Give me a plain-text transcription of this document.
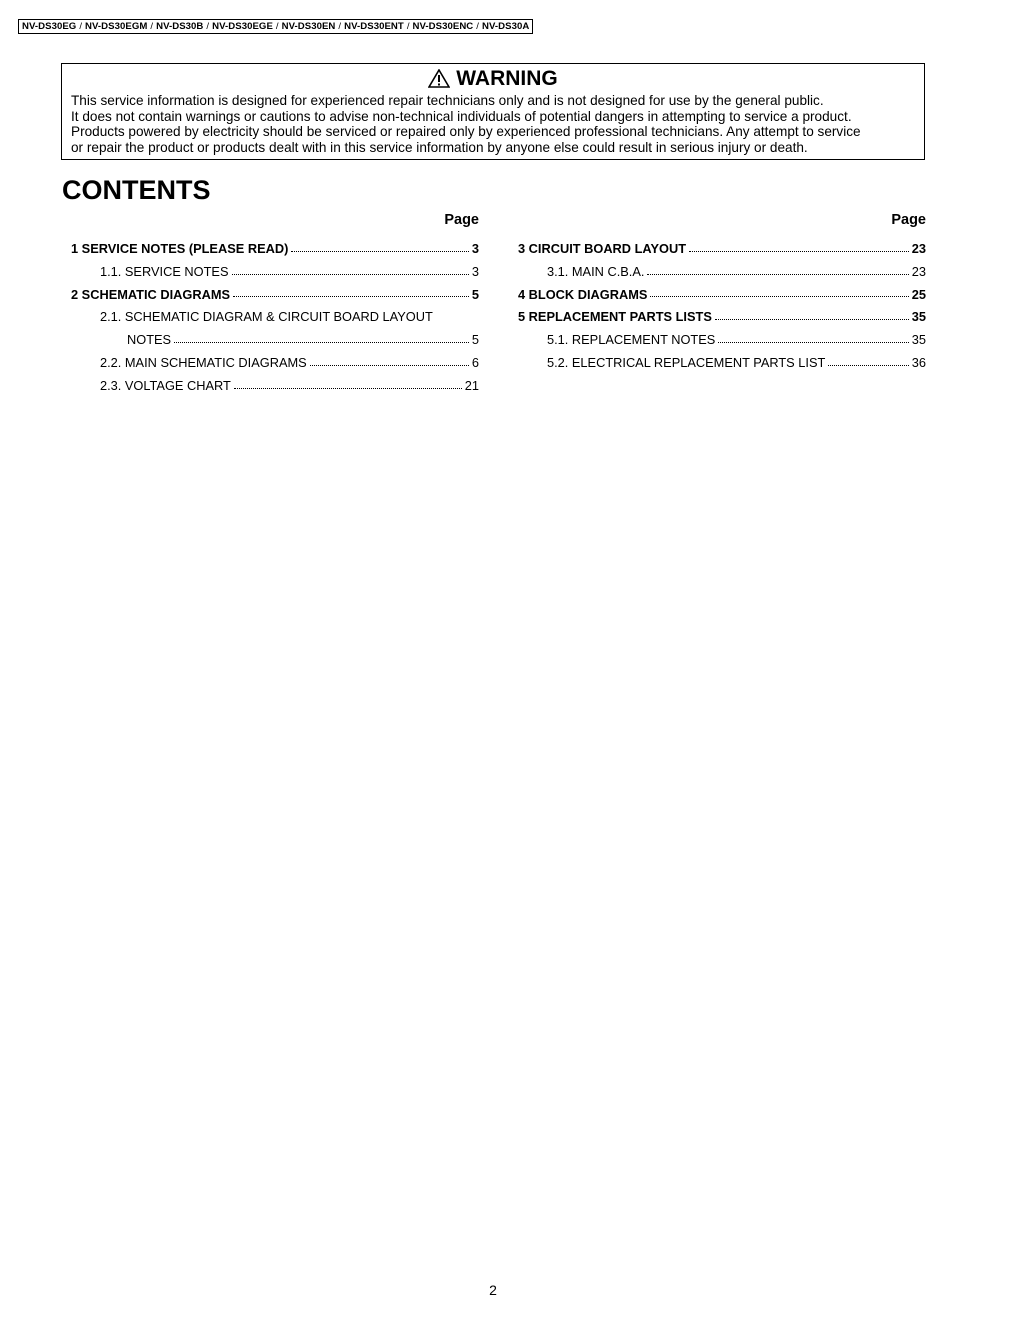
NV-DS30EG / NV-DS30EGM / NV-DS30B / NV-DS30EGE / NV-DS30EN / NV-DS30ENT / NV-DS30ENC / NV-DS30A
WARNING
This service information is designed for experienced repair technicians only and is not designed for use by the general public.
It does not contain warnings or cautions to advise non-technical individuals of potential dangers in attempting to service a product.
Products powered by electricity should be serviced or repaired only by experienced professional technicians. Any attempt to service
or repair the product or products dealt with in this service information by anyone else could result in serious injury or death.
CONTENTS
Page
1 SERVICE NOTES (PLEASE READ)	3
1.1. SERVICE NOTES	3
2 SCHEMATIC DIAGRAMS	5
2.1. SCHEMATIC DIAGRAM & CIRCUIT BOARD LAYOUT
NOTES	5
2.2. MAIN SCHEMATIC DIAGRAMS	6
2.3. VOLTAGE CHART	21
Page
3 CIRCUIT BOARD LAYOUT	23
3.1. MAIN C.B.A.	23
4 BLOCK DIAGRAMS	25
5 REPLACEMENT PARTS LISTS	35
5.1. REPLACEMENT NOTES	35
5.2. ELECTRICAL REPLACEMENT PARTS LIST	36
2
